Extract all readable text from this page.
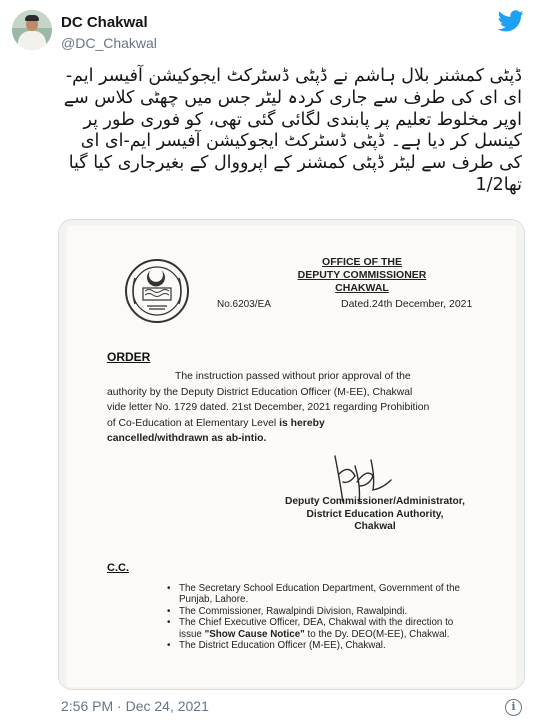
DC Chakwal
@DC_Chakwal
ڈپٹی کمشنر بلال ہاشم نے ڈپٹی ڈسٹرکٹ ایجوکیشن آفیسر ایم-ای ای کی طرف سے جاری کردہ لیٹر جس میں چھٹی کلاس سے اوپر مخلوط تعلیم پر پابندی لگائی گئی تھی، کو فوری طور پر کینسل کر دیا ہے۔ ڈپٹی ڈسٹرکٹ ایجوکیشن آفیسر ایم-ای ای کی طرف سے لیٹر ڈپٹی کمشنر کے اپرووال کے بغیرجاری کیا گیا تھا1/2
OFFICE OF THE
DEPUTY COMMISSIONER
CHAKWAL
No.6203/EA	Dated.24th December, 2021
ORDER

The instruction passed without prior approval of the

authority by the Deputy District Education Officer (M-EE), Chakwal

vide letter No. 1729 dated. 21st December, 2021 regarding Prohibition

of Co-Education at Elementary Level is hereby

cancelled/withdrawn as ab-intio.

Deputy Commissioner/Administrator,
District Education Authority,
Chakwal
C.C.
• The Secretary School Education Department, Government of the Punjab, Lahore.
• The Commissioner, Rawalpindi Division, Rawalpindi.
• The Chief Executive Officer, DEA, Chakwal with the direction to issue "Show Cause Notice" to the Dy. DEO(M-EE), Chakwal.
• The District Education Officer (M-EE), Chakwal.
2:56 PM · Dec 24, 2021	i
